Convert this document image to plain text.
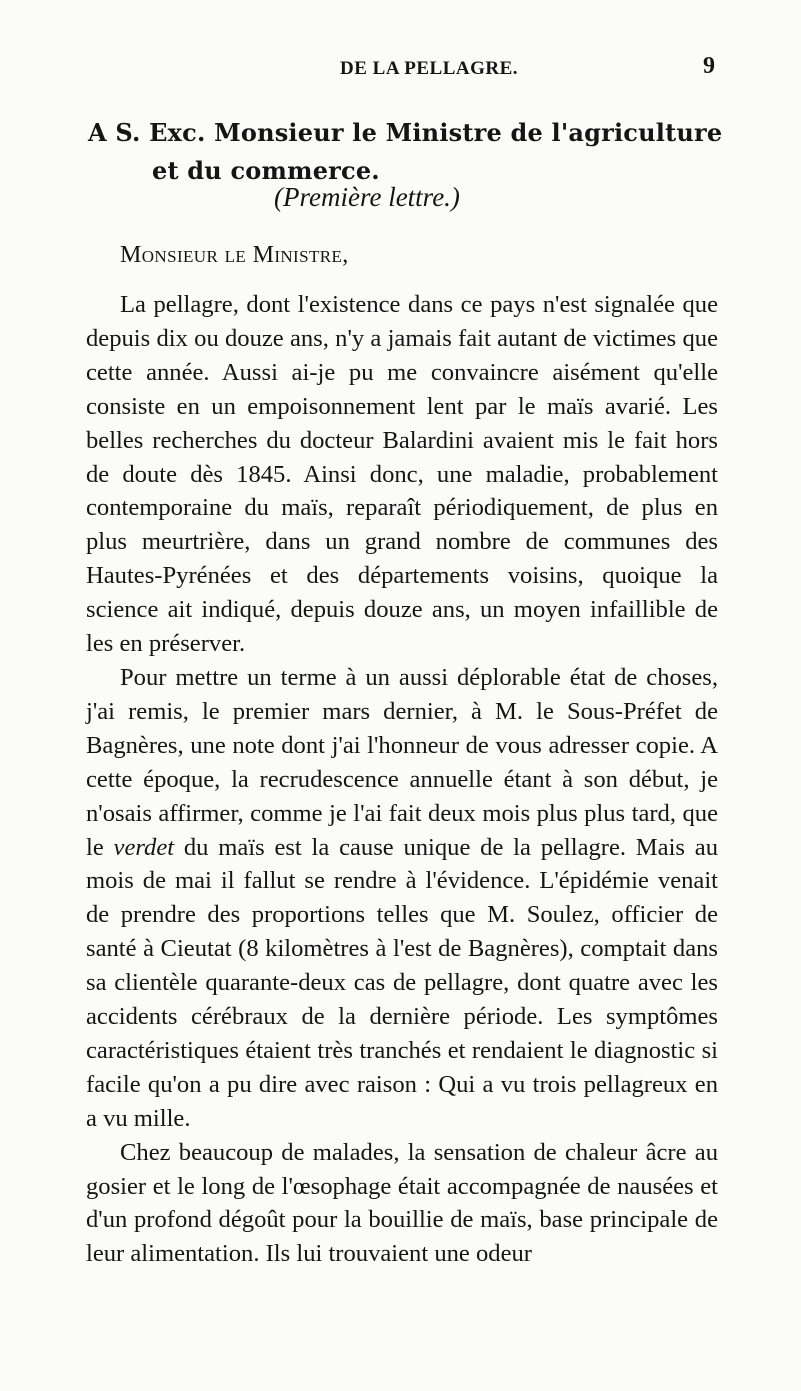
DE LA PELLAGRE.	9
A S. Exc. Monsieur le Ministre de l'agriculture
et du commerce.
(Première lettre.)
Monsieur le Ministre,

La pellagre, dont l'existence dans ce pays n'est signalée que depuis dix ou douze ans, n'y a jamais fait autant de victimes que cette année. Aussi ai-je pu me convaincre aisément qu'elle consiste en un empoisonnement lent par le maïs avarié. Les belles recherches du docteur Balardini avaient mis le fait hors de doute dès 1845. Ainsi donc, une maladie, probablement contemporaine du maïs, reparaît périodiquement, de plus en plus meurtrière, dans un grand nombre de communes des Hautes-Pyrénées et des départements voisins, quoique la science ait indiqué, depuis douze ans, un moyen infaillible de les en préserver.

Pour mettre un terme à un aussi déplorable état de choses, j'ai remis, le premier mars dernier, à M. le Sous-Préfet de Bagnères, une note dont j'ai l'honneur de vous adresser copie. A cette époque, la recrudescence annuelle étant à son début, je n'osais affirmer, comme je l'ai fait deux mois plus plus tard, que le verdet du maïs est la cause unique de la pellagre. Mais au mois de mai il fallut se rendre à l'évidence. L'épidémie venait de prendre des proportions telles que M. Soulez, officier de santé à Cieutat (8 kilomètres à l'est de Bagnères), comptait dans sa clientèle quarante-deux cas de pellagre, dont quatre avec les accidents cérébraux de la dernière période. Les symptômes caractéristiques étaient très tranchés et rendaient le diagnostic si facile qu'on a pu dire avec raison : Qui a vu trois pellagreux en a vu mille.

Chez beaucoup de malades, la sensation de chaleur âcre au gosier et le long de l'œsophage était accompagnée de nausées et d'un profond dégoût pour la bouillie de maïs, base principale de leur alimentation. Ils lui trouvaient une odeur
